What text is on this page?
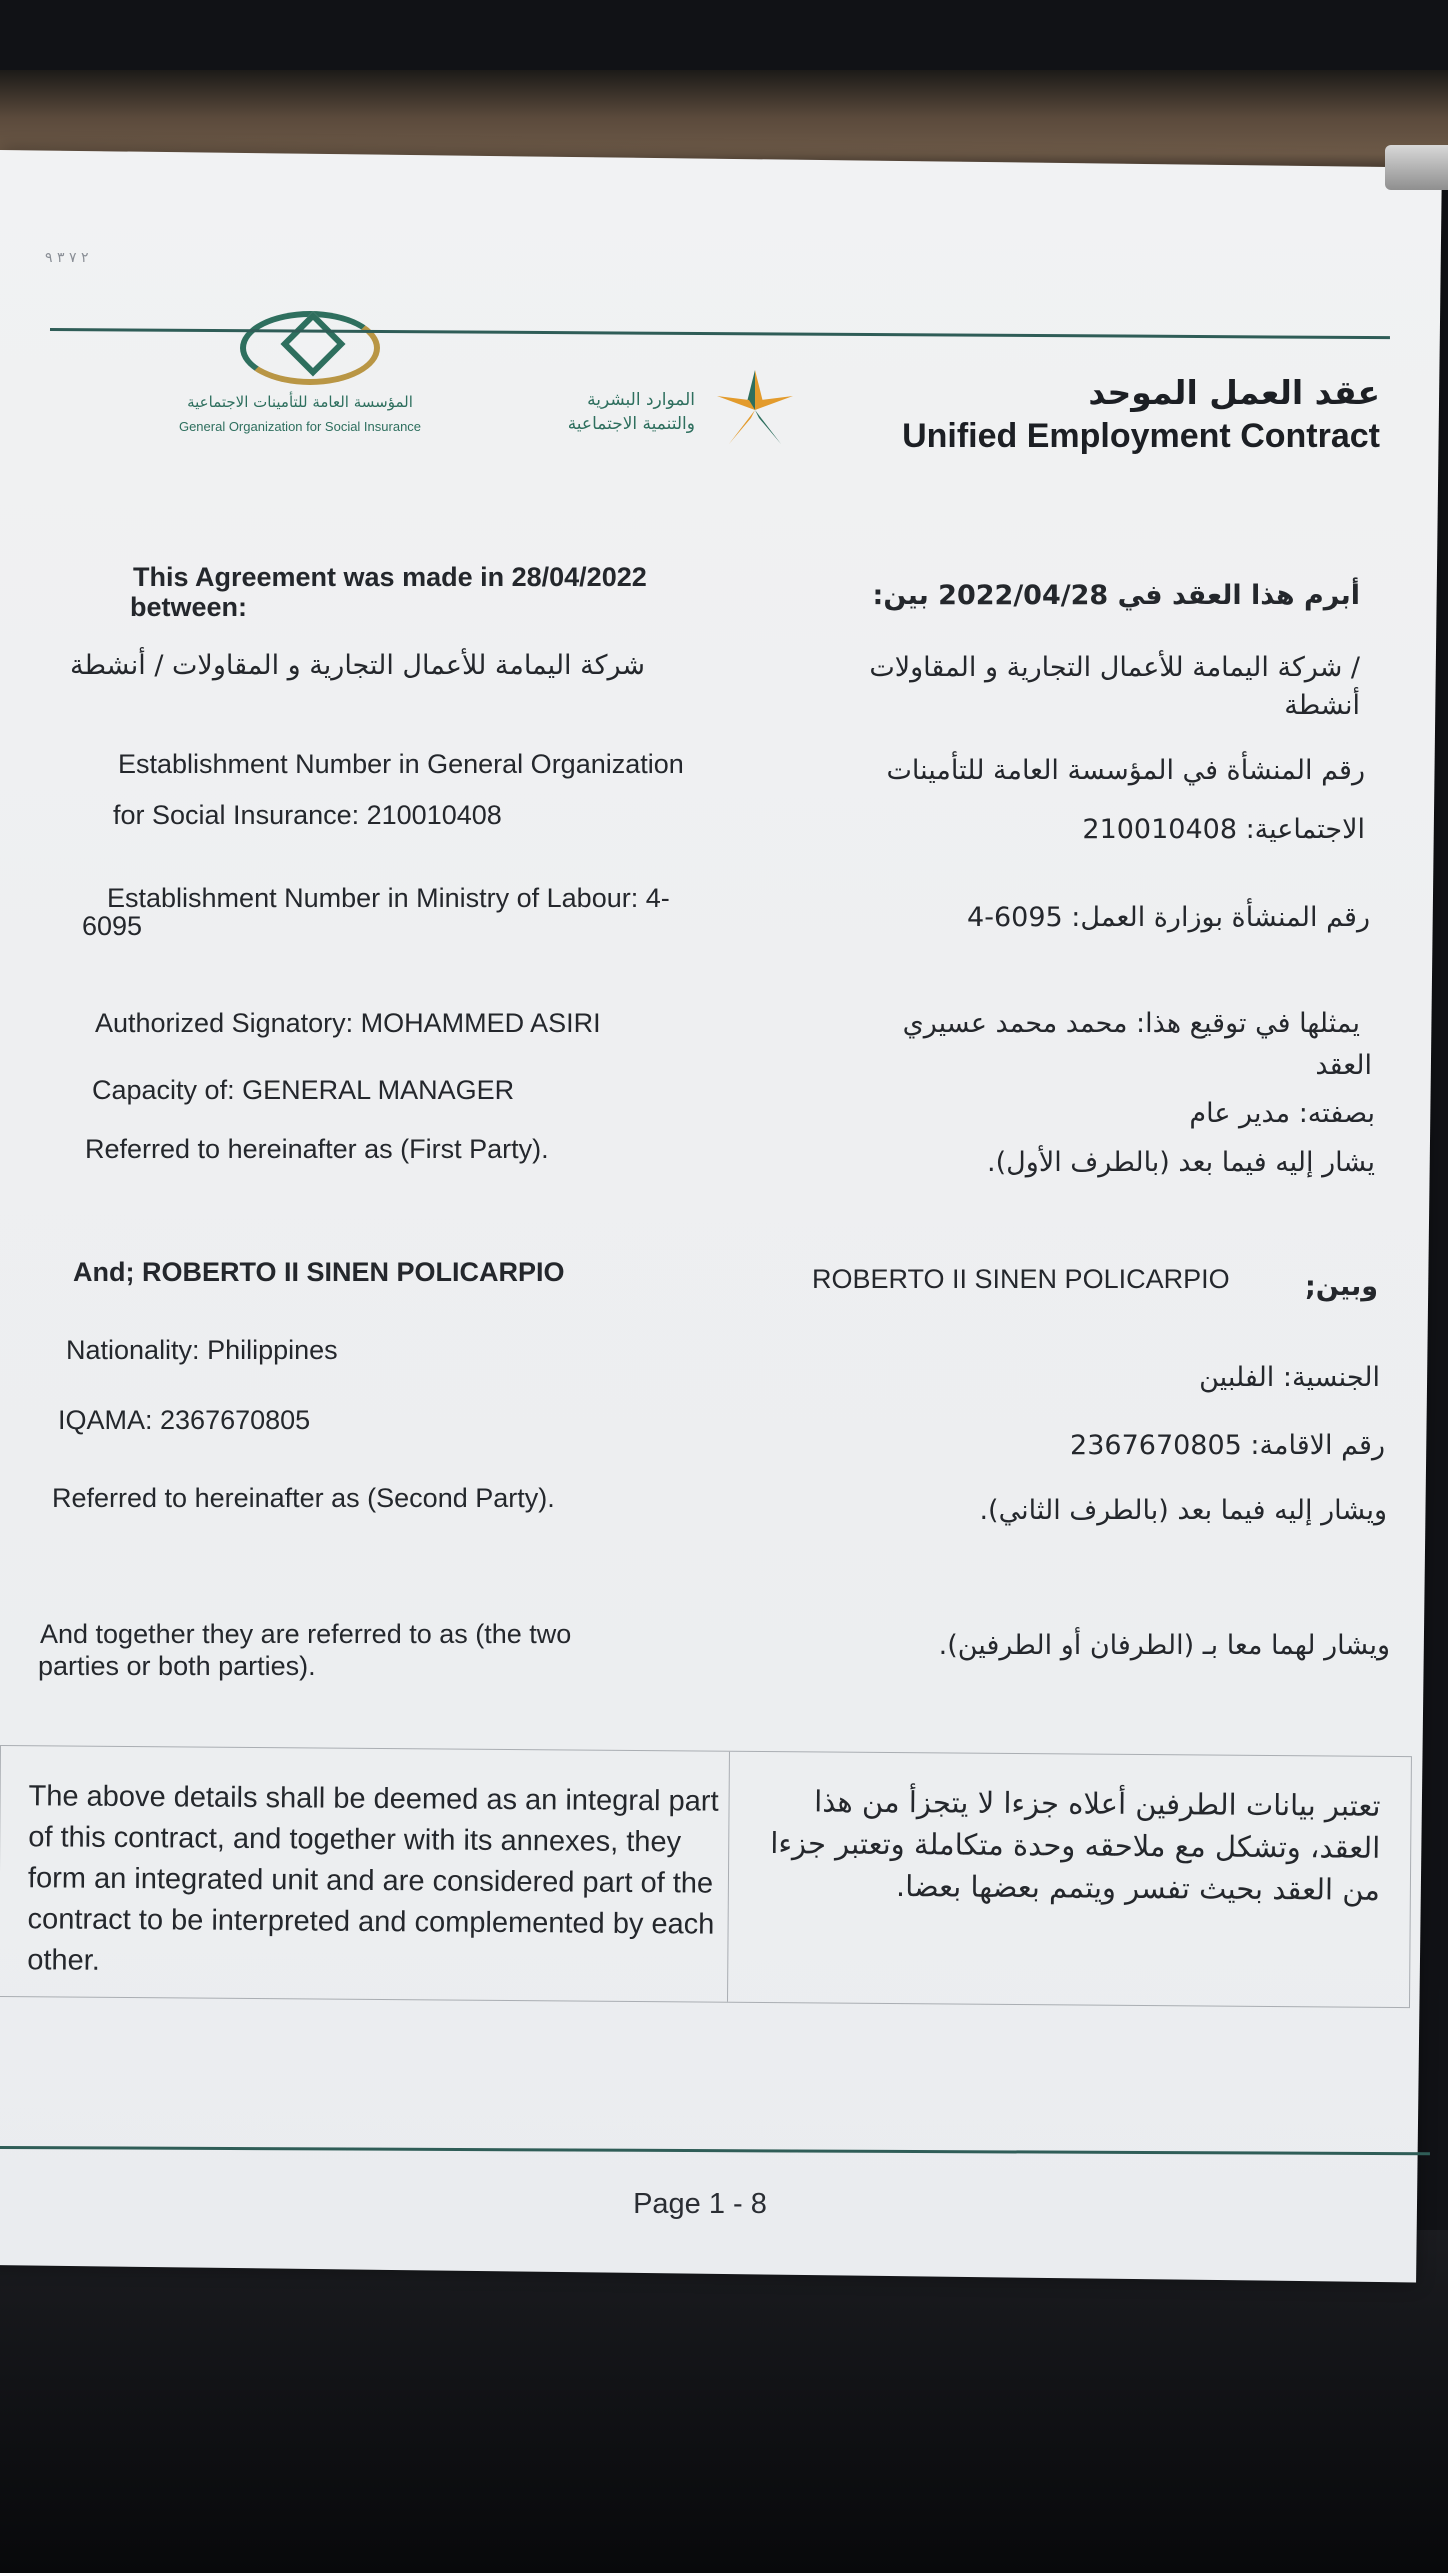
٢ ٧ ٣ ٩
المؤسسة العامة للتأمينات الاجتماعية
General Organization for Social Insurance
الموارد البشرية
والتنمية الاجتماعية
عقد العمل الموحد
Unified Employment Contract
This Agreement was made in 28/04/2022
between:	أبرم هذا العقد في 2022/04/28 بين:
شركة اليمامة للأعمال التجارية و المقاولات / أنشطة	/ شركة اليمامة للأعمال التجارية و المقاولات
أنشطة
Establishment Number in General Organization
for Social Insurance: 210010408
رقم المنشأة في المؤسسة العامة للتأمينات
الاجتماعية: 210010408
Establishment Number in Ministry of Labour: 4-
6095	رقم المنشأة بوزارة العمل: 6095-4
Authorized Signatory: MOHAMMED ASIRI	يمثلها في توقيع هذا: محمد محمد عسيري
العقد
Capacity of: GENERAL MANAGER
بصفته: مدير عام
Referred to hereinafter as (First Party).	يشار إليه فيما بعد (بالطرف الأول).
And; ROBERTO II SINEN POLICARPIO	ROBERTO II SINEN POLICARPIO	وبين;
Nationality: Philippines
الجنسية: الفلبين
IQAMA: 2367670805
رقم الاقامة: 2367670805
Referred to hereinafter as (Second Party).	ويشار إليه فيما بعد (بالطرف الثاني).
And together they are referred to as (the two
parties or both parties).
ويشار لهما معا بـ (الطرفان أو الطرفين).
The above details shall be deemed as an integral part of this contract, and together with its annexes, they form an integrated unit and are considered part of the contract to be interpreted and complemented by each other.
تعتبر بيانات الطرفين أعلاه جزءا لا يتجزأ من هذا العقد، وتشكل مع ملاحقه وحدة متكاملة وتعتبر جزءا من العقد بحيث تفسر ويتمم بعضها بعضا.
Page 1 - 8
